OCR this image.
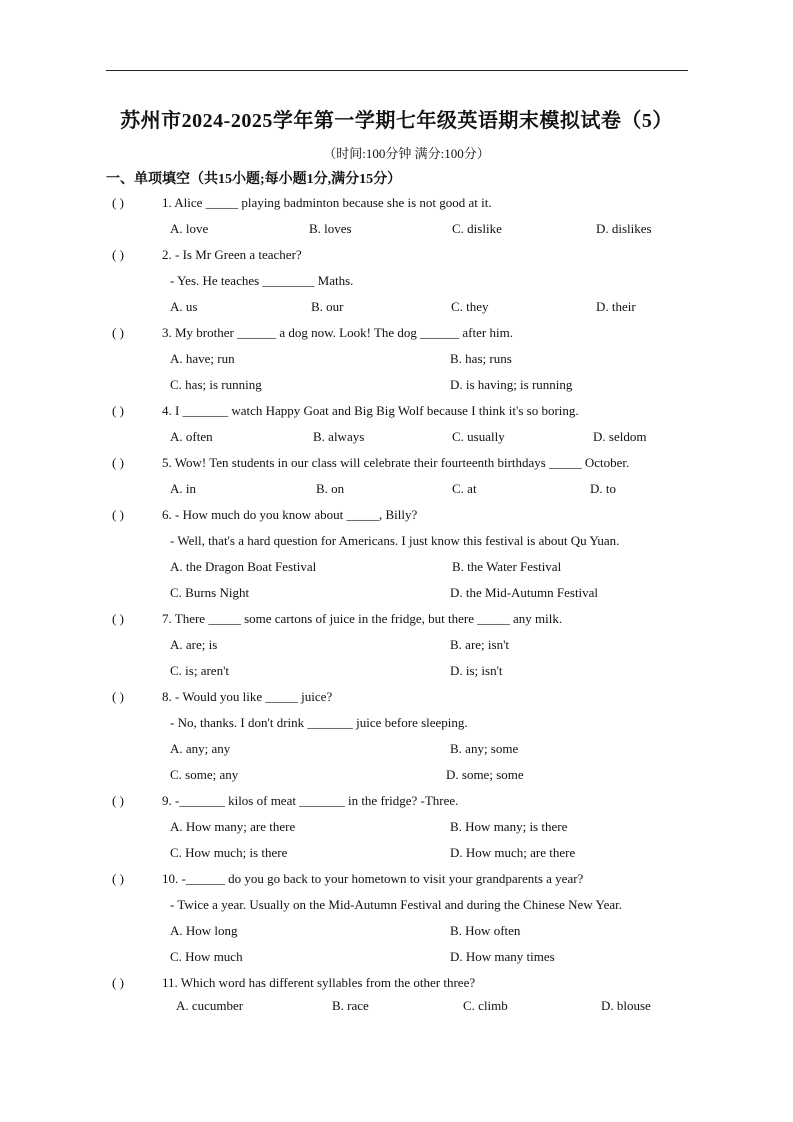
苏州市2024-2025学年第一学期七年级英语期末模拟试卷（5）
（时间:100分钟 满分:100分）
一、单项填空（共15小题;每小题1分,满分15分）
( )	1. Alice _____ playing badminton because she is not good at it.
A. love	B. loves	C. dislike	D. dislikes
( )	2. - Is Mr Green a teacher?
- Yes. He teaches ________ Maths.
A. us	B. our	C. they	D. their
( )	3. My brother ______ a dog now. Look! The dog ______ after him.
A. have; run	B. has; runs
C. has; is running	D. is having; is running
( )	4. I _______ watch Happy Goat and Big Big Wolf because I think it's so boring.
A. often	B. always	C. usually	D. seldom
( )	5. Wow! Ten students in our class will celebrate their fourteenth birthdays _____ October.
A. in	B. on	C. at	D. to
( )	6. - How much do you know about _____, Billy?
- Well, that's a hard question for Americans. I just know this festival is about Qu Yuan.
A. the Dragon Boat Festival	B. the Water Festival
C. Burns Night	D. the Mid-Autumn Festival
( )	7. There _____ some cartons of juice in the fridge, but there _____ any milk.
A. are; is	B. are; isn't
C. is; aren't	D. is; isn't
( )	8. - Would you like _____ juice?
- No, thanks. I don't drink _______ juice before sleeping.
A. any; any	B. any; some
C. some; any	D. some; some
( )	9. -_______ kilos of meat _______ in the fridge? -Three.
A. How many; are there	B. How many; is there
C. How much; is there	D. How much; are there
( )	10. -______ do you go back to your hometown to visit your grandparents a year?
- Twice a year. Usually on the Mid-Autumn Festival and during the Chinese New Year.
A. How long	B. How often
C. How much	D. How many times
( )	11. Which word has different syllables from the other three?
A. cucumber	B. race	C. climb	D. blouse
